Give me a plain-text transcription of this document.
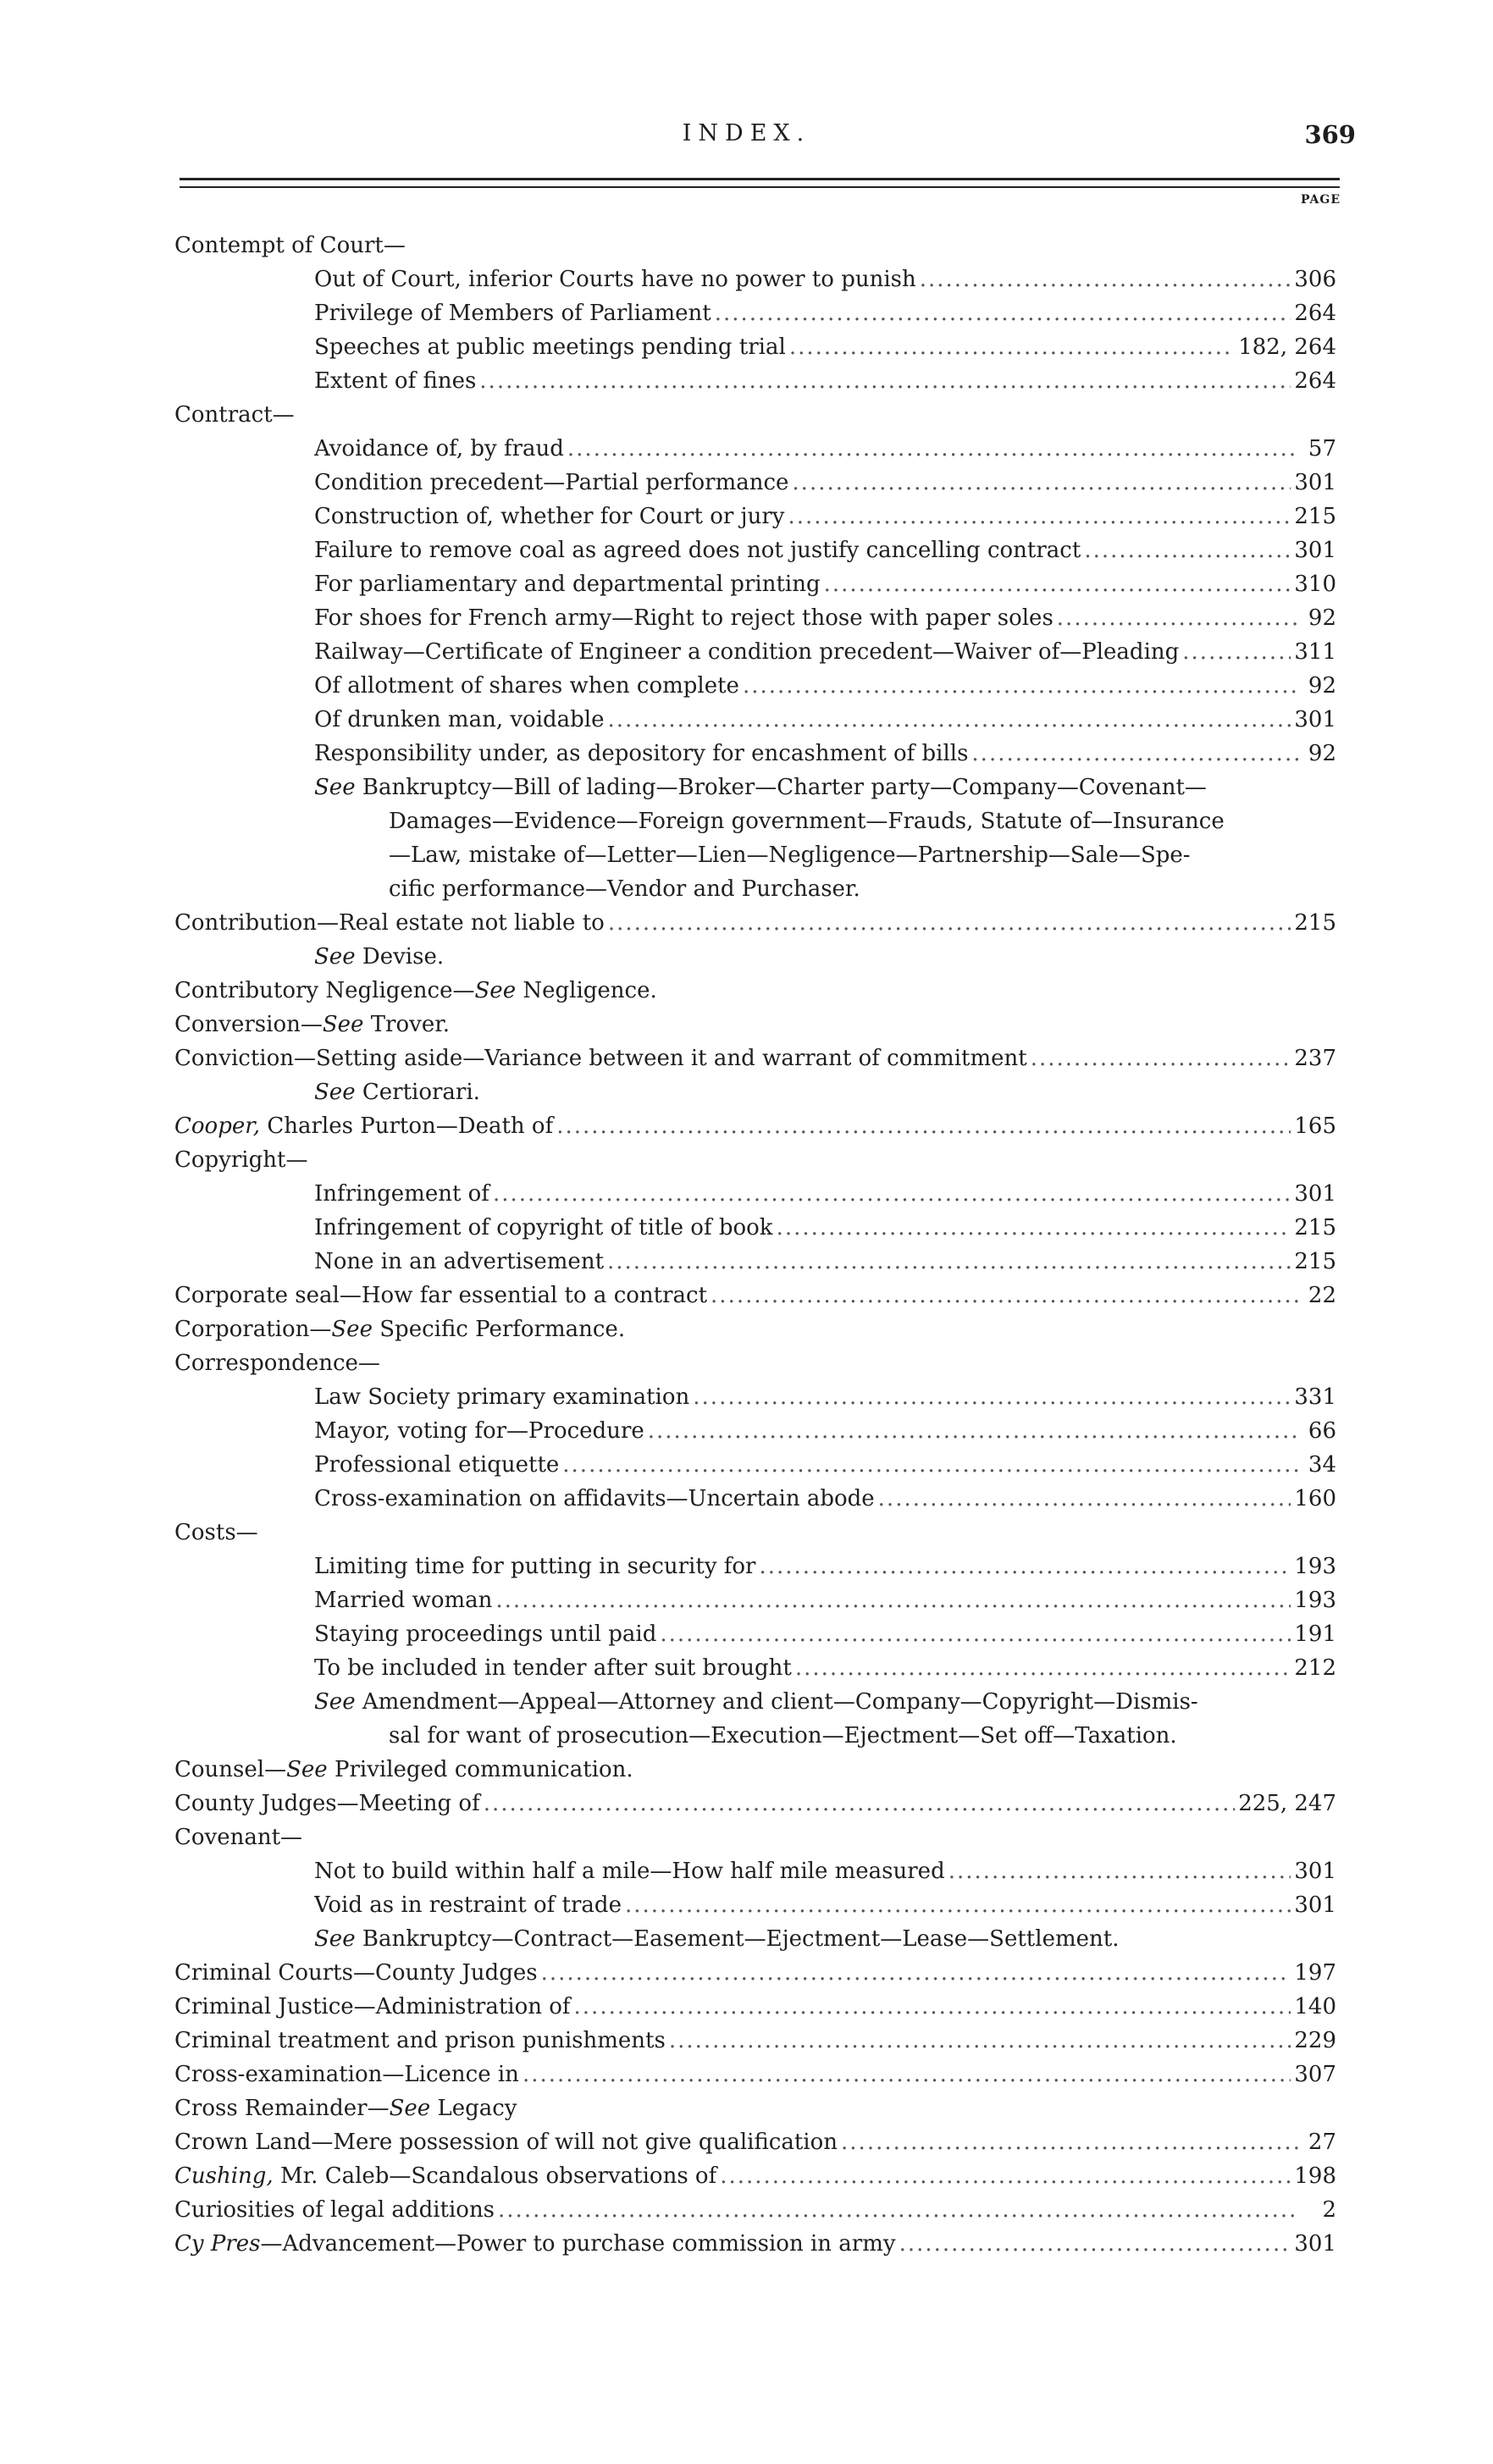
INDEX.	369
PAGE
Contempt of Court—
Out of Court, inferior Courts have no power to punish .....	306
Privilege of Members of Parliament .....	264
Speeches at public meetings pending trial .....	182, 264
Extent of fines .....	264
Contract—
Avoidance of, by fraud .....	57
Condition precedent—Partial performance .....	301
Construction of, whether for Court or jury .....	215
Failure to remove coal as agreed does not justify cancelling contract .....	301
For parliamentary and departmental printing .....	310
For shoes for French army—Right to reject those with paper soles .....	92
Railway—Certificate of Engineer a condition precedent—Waiver of—Pleading .....	311
Of allotment of shares when complete .....	92
Of drunken man, voidable .....	301
Responsibility under, as depository for encashment of bills .....	92
See
Bankruptcy—Bill of lading—Broker—Charter party—Company—Covenant—
Damages—Evidence—Foreign government—Frauds, Statute of—Insurance
—Law, mistake of—Letter—Lien—Negligence—Partnership—Sale—Spe-
cific performance—Vendor and Purchaser.
Contribution—Real estate not liable to .....	215
See
Devise.
Contributory Negligence— See
Negligence.
Conversion— See
Trover.
Conviction—Setting aside—Variance between it and warrant of commitment .....	237
See
Certiorari.
Cooper,
Charles Purton—Death of .....	165
Copyright—
Infringement of .....	301
Infringement of copyright of title of book .....	215
None in an advertisement .....	215
Corporate seal—How far essential to a contract .....	22
Corporation— See
Specific Performance.
Correspondence—
Law Society primary examination .....	331
Mayor, voting for—Procedure .....	66
Professional etiquette .....	34
Cross-examination on affidavits—Uncertain abode .....	160
Costs—
Limiting time for putting in security for .....	193
Married woman .....	193
Staying proceedings until paid .....	191
To be included in tender after suit brought .....	212
See
Amendment—Appeal—Attorney and client—Company—Copyright—Dismis-
sal for want of prosecution—Execution—Ejectment—Set off—Taxation.
Counsel— See
Privileged communication.
County Judges—Meeting of .....	225, 247
Covenant—
Not to build within half a mile—How half mile measured .....	301
Void as in restraint of trade .....	301
See
Bankruptcy—Contract—Easement—Ejectment—Lease—Settlement.
Criminal Courts—County Judges .....	197
Criminal Justice—Administration of .....	140
Criminal treatment and prison punishments .....	229
Cross-examination—Licence in .....	307
Cross Remainder— See
Legacy
Crown Land—Mere possession of will not give qualification .....	27
Cushing,
Mr. Caleb—Scandalous observations of .....	198
Curiosities of legal additions .....	2
Cy Pres —Advancement—Power to purchase commission in army .....	301
